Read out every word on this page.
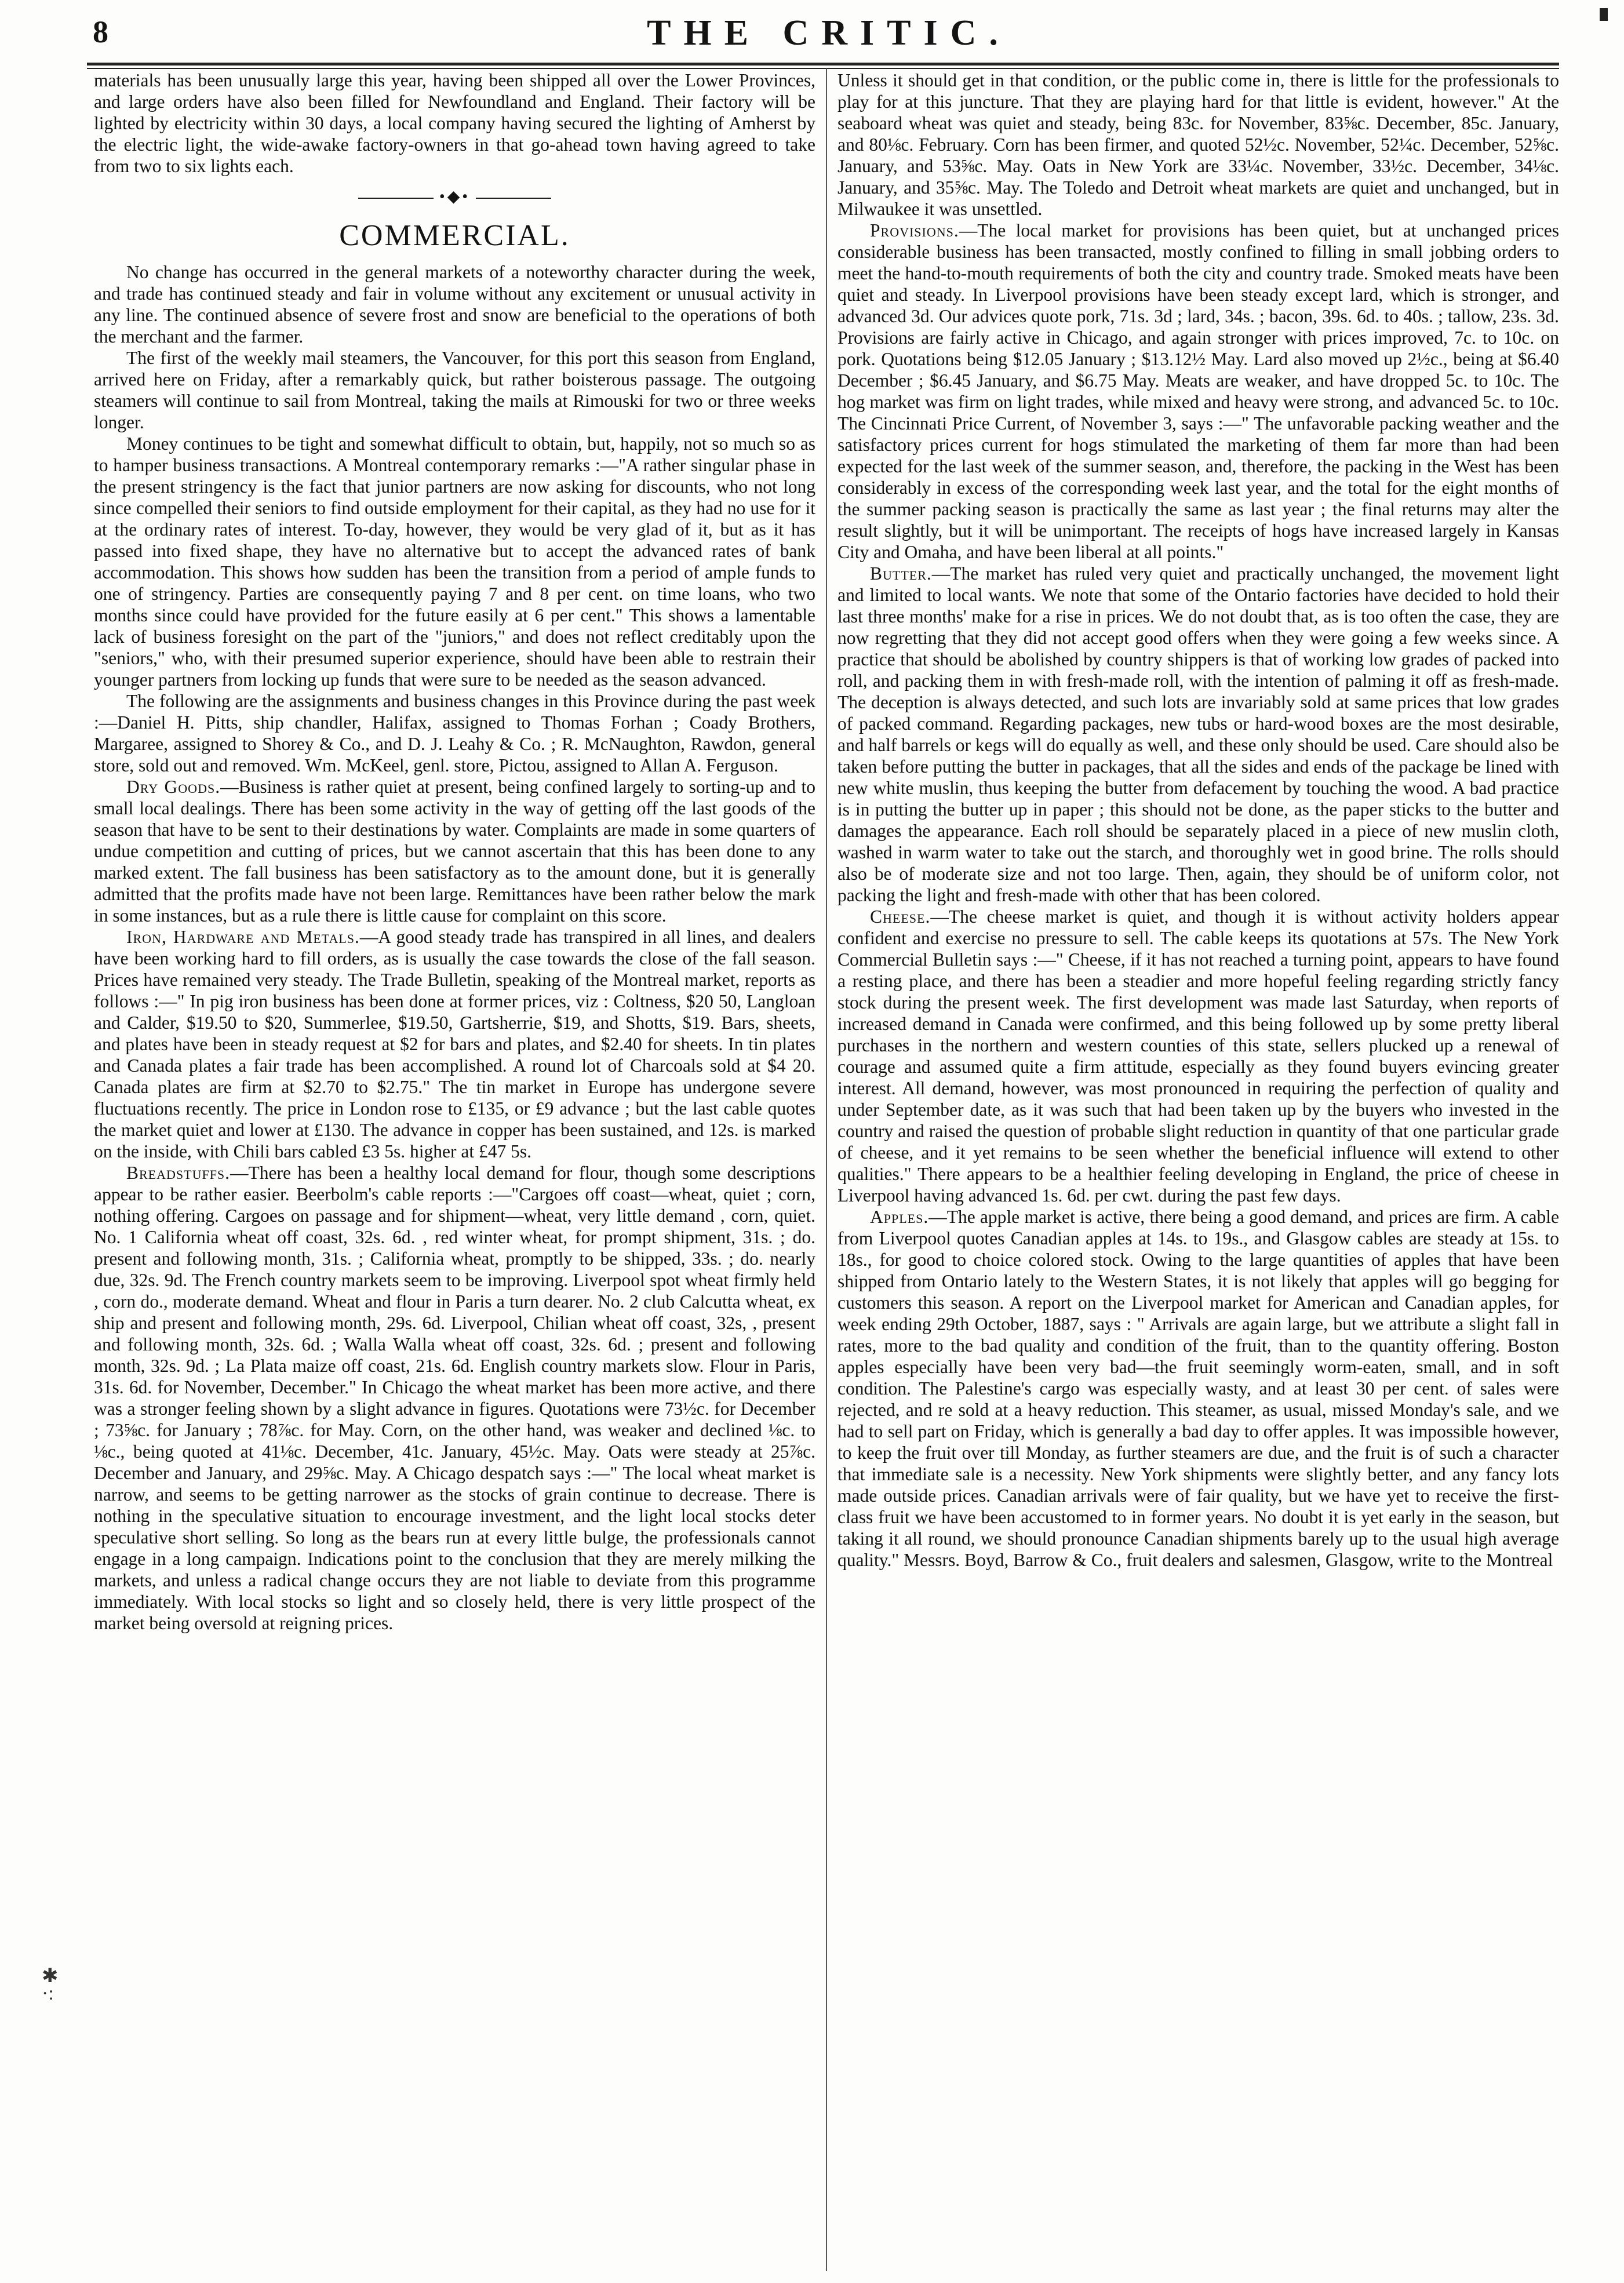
8	THE CRITIC.

materials has been unusually large this year, having been shipped all over the Lower Provinces, and large orders have also been filled for Newfoundland and England. Their factory will be lighted by electricity within 30 days, a local company having secured the lighting of Amherst by the electric light, the wide-awake factory-owners in that go-ahead town having agreed to take from two to six lights each.

•◆•
COMMERCIAL.

No change has occurred in the general markets of a noteworthy character during the week, and trade has continued steady and fair in volume without any excitement or unusual activity in any line. The continued absence of severe frost and snow are beneficial to the operations of both the merchant and the farmer.

The first of the weekly mail steamers, the Vancouver, for this port this season from England, arrived here on Friday, after a remarkably quick, but rather boisterous passage. The outgoing steamers will continue to sail from Montreal, taking the mails at Rimouski for two or three weeks longer.

Money continues to be tight and somewhat difficult to obtain, but, happily, not so much so as to hamper business transactions. A Montreal contemporary remarks :—"A rather singular phase in the present stringency is the fact that junior partners are now asking for discounts, who not long since compelled their seniors to find outside employment for their capital, as they had no use for it at the ordinary rates of interest. To-day, however, they would be very glad of it, but as it has passed into fixed shape, they have no alternative but to accept the advanced rates of bank accommodation. This shows how sudden has been the transition from a period of ample funds to one of stringency. Parties are consequently paying 7 and 8 per cent. on time loans, who two months since could have provided for the future easily at 6 per cent." This shows a lamentable lack of business foresight on the part of the "juniors," and does not reflect creditably upon the "seniors," who, with their presumed superior experience, should have been able to restrain their younger partners from locking up funds that were sure to be needed as the season advanced.

The following are the assignments and business changes in this Province during the past week :—Daniel H. Pitts, ship chandler, Halifax, assigned to Thomas Forhan ; Coady Brothers, Margaree, assigned to Shorey & Co., and D. J. Leahy & Co. ; R. McNaughton, Rawdon, general store, sold out and removed. Wm. McKeel, genl. store, Pictou, assigned to Allan A. Ferguson.

Dry Goods.—Business is rather quiet at present, being confined largely to sorting-up and to small local dealings. There has been some activity in the way of getting off the last goods of the season that have to be sent to their destinations by water. Complaints are made in some quarters of undue competition and cutting of prices, but we cannot ascertain that this has been done to any marked extent. The fall business has been satisfactory as to the amount done, but it is generally admitted that the profits made have not been large. Remittances have been rather below the mark in some instances, but as a rule there is little cause for complaint on this score.

Iron, Hardware and Metals.—A good steady trade has transpired in all lines, and dealers have been working hard to fill orders, as is usually the case towards the close of the fall season. Prices have remained very steady. The Trade Bulletin, speaking of the Montreal market, reports as follows :—" In pig iron business has been done at former prices, viz : Coltness, $20 50, Langloan and Calder, $19.50 to $20, Summerlee, $19.50, Gartsherrie, $19, and Shotts, $19. Bars, sheets, and plates have been in steady request at $2 for bars and plates, and $2.40 for sheets. In tin plates and Canada plates a fair trade has been accomplished. A round lot of Charcoals sold at $4 20. Canada plates are firm at $2.70 to $2.75." The tin market in Europe has undergone severe fluctuations recently. The price in London rose to £135, or £9 advance ; but the last cable quotes the market quiet and lower at £130. The advance in copper has been sustained, and 12s. is marked on the inside, with Chili bars cabled £3 5s. higher at £47 5s.

Breadstuffs.—There has been a healthy local demand for flour, though some descriptions appear to be rather easier. Beerbolm's cable reports :—"Cargoes off coast—wheat, quiet ; corn, nothing offering. Cargoes on passage and for shipment—wheat, very little demand , corn, quiet. No. 1 California wheat off coast, 32s. 6d. , red winter wheat, for prompt shipment, 31s. ; do. present and following month, 31s. ; California wheat, promptly to be shipped, 33s. ; do. nearly due, 32s. 9d. The French country markets seem to be improving. Liverpool spot wheat firmly held , corn do., moderate demand. Wheat and flour in Paris a turn dearer. No. 2 club Calcutta wheat, ex ship and present and following month, 29s. 6d. Liverpool, Chilian wheat off coast, 32s, , present and following month, 32s. 6d. ; Walla Walla wheat off coast, 32s. 6d. ; present and following month, 32s. 9d. ; La Plata maize off coast, 21s. 6d. English country markets slow. Flour in Paris, 31s. 6d. for November, December." In Chicago the wheat market has been more active, and there was a stronger feeling shown by a slight advance in figures. Quotations were 73½c. for December ; 73⅝c. for January ; 78⅞c. for May. Corn, on the other hand, was weaker and declined ⅛c. to ⅛c., being quoted at 41⅛c. December, 41c. January, 45½c. May. Oats were steady at 25⅞c. December and January, and 29⅝c. May. A Chicago despatch says :—" The local wheat market is narrow, and seems to be getting narrower as the stocks of grain continue to decrease. There is nothing in the speculative situation to encourage investment, and the light local stocks deter speculative short selling. So long as the bears run at every little bulge, the professionals cannot engage in a long campaign. Indications point to the conclusion that they are merely milking the markets, and unless a radical change occurs they are not liable to deviate from this programme immediately. With local stocks so light and so closely held, there is very little prospect of the market being oversold at reigning prices.

Unless it should get in that condition, or the public come in, there is little for the professionals to play for at this juncture. That they are playing hard for that little is evident, however." At the seaboard wheat was quiet and steady, being 83c. for November, 83⅝c. December, 85c. January, and 80⅛c. February. Corn has been firmer, and quoted 52½c. November, 52¼c. December, 52⅝c. January, and 53⅝c. May. Oats in New York are 33¼c. November, 33½c. December, 34⅛c. January, and 35⅝c. May. The Toledo and Detroit wheat markets are quiet and unchanged, but in Milwaukee it was unsettled.

Provisions.—The local market for provisions has been quiet, but at unchanged prices considerable business has been transacted, mostly confined to filling in small jobbing orders to meet the hand-to-mouth requirements of both the city and country trade. Smoked meats have been quiet and steady. In Liverpool provisions have been steady except lard, which is stronger, and advanced 3d. Our advices quote pork, 71s. 3d ; lard, 34s. ; bacon, 39s. 6d. to 40s. ; tallow, 23s. 3d. Provisions are fairly active in Chicago, and again stronger with prices improved, 7c. to 10c. on pork. Quotations being $12.05 January ; $13.12½ May. Lard also moved up 2½c., being at $6.40 December ; $6.45 January, and $6.75 May. Meats are weaker, and have dropped 5c. to 10c. The hog market was firm on light trades, while mixed and heavy were strong, and advanced 5c. to 10c. The Cincinnati Price Current, of November 3, says :—" The unfavorable packing weather and the satisfactory prices current for hogs stimulated the marketing of them far more than had been expected for the last week of the summer season, and, therefore, the packing in the West has been considerably in excess of the corresponding week last year, and the total for the eight months of the summer packing season is practically the same as last year ; the final returns may alter the result slightly, but it will be unimportant. The receipts of hogs have increased largely in Kansas City and Omaha, and have been liberal at all points."

Butter.—The market has ruled very quiet and practically unchanged, the movement light and limited to local wants. We note that some of the Ontario factories have decided to hold their last three months' make for a rise in prices. We do not doubt that, as is too often the case, they are now regretting that they did not accept good offers when they were going a few weeks since. A practice that should be abolished by country shippers is that of working low grades of packed into roll, and packing them in with fresh-made roll, with the intention of palming it off as fresh-made. The deception is always detected, and such lots are invariably sold at same prices that low grades of packed command. Regarding packages, new tubs or hard-wood boxes are the most desirable, and half barrels or kegs will do equally as well, and these only should be used. Care should also be taken before putting the butter in packages, that all the sides and ends of the package be lined with new white muslin, thus keeping the butter from defacement by touching the wood. A bad practice is in putting the butter up in paper ; this should not be done, as the paper sticks to the butter and damages the appearance. Each roll should be separately placed in a piece of new muslin cloth, washed in warm water to take out the starch, and thoroughly wet in good brine. The rolls should also be of moderate size and not too large. Then, again, they should be of uniform color, not packing the light and fresh-made with other that has been colored.

Cheese.—The cheese market is quiet, and though it is without activity holders appear confident and exercise no pressure to sell. The cable keeps its quotations at 57s. The New York Commercial Bulletin says :—" Cheese, if it has not reached a turning point, appears to have found a resting place, and there has been a steadier and more hopeful feeling regarding strictly fancy stock during the present week. The first development was made last Saturday, when reports of increased demand in Canada were confirmed, and this being followed up by some pretty liberal purchases in the northern and western counties of this state, sellers plucked up a renewal of courage and assumed quite a firm attitude, especially as they found buyers evincing greater interest. All demand, however, was most pronounced in requiring the perfection of quality and under September date, as it was such that had been taken up by the buyers who invested in the country and raised the question of probable slight reduction in quantity of that one particular grade of cheese, and it yet remains to be seen whether the beneficial influence will extend to other qualities." There appears to be a healthier feeling developing in England, the price of cheese in Liverpool having advanced 1s. 6d. per cwt. during the past few days.

Apples.—The apple market is active, there being a good demand, and prices are firm. A cable from Liverpool quotes Canadian apples at 14s. to 19s., and Glasgow cables are steady at 15s. to 18s., for good to choice colored stock. Owing to the large quantities of apples that have been shipped from Ontario lately to the Western States, it is not likely that apples will go begging for customers this season. A report on the Liverpool market for American and Canadian apples, for week ending 29th October, 1887, says : " Arrivals are again large, but we attribute a slight fall in rates, more to the bad quality and condition of the fruit, than to the quantity offering. Boston apples especially have been very bad—the fruit seemingly worm-eaten, small, and in soft condition. The Palestine's cargo was especially wasty, and at least 30 per cent. of sales were rejected, and re sold at a heavy reduction. This steamer, as usual, missed Monday's sale, and we had to sell part on Friday, which is generally a bad day to offer apples. It was impossible however, to keep the fruit over till Monday, as further steamers are due, and the fruit is of such a character that immediate sale is a necessity. New York shipments were slightly better, and any fancy lots made outside prices. Canadian arrivals were of fair quality, but we have yet to receive the first-class fruit we have been accustomed to in former years. No doubt it is yet early in the season, but taking it all round, we should pronounce Canadian shipments barely up to the usual high average quality." Messrs. Boyd, Barrow & Co., fruit dealers and salesmen, Glasgow, write to the Montreal

✱
·:
